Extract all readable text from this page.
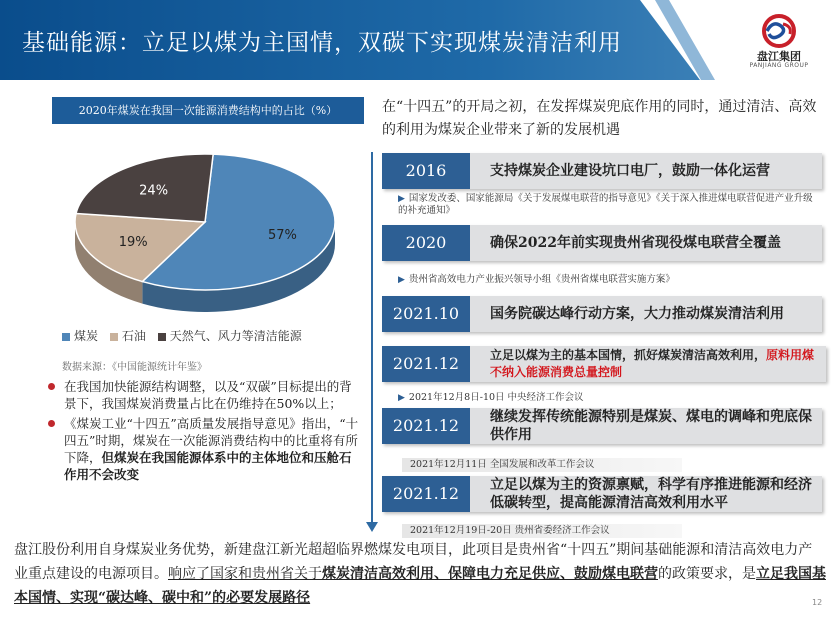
基础能源：立足以煤为主国情，双碳下实现煤炭清洁利用
盘江集团
PANJIANG GROUP
2020年煤炭在我国一次能源消费结构中的占比（%）
57%
19%
24%
煤炭 石油 天然气、风力等清洁能源
数据来源：《中国能源统计年鉴》
在我国加快能源结构调整，以及“双碳”目标提出的背景下，我国煤炭消费量占比在仍维持在50%以上；
《煤炭工业“十四五”高质量发展指导意见》指出，“十四五”时期，煤炭在一次能源消费结构中的比重将有所下降，但煤炭在我国能源体系中的主体地位和压舱石作用不会改变
在“十四五”的开局之初，在发挥煤炭兜底作用的同时，通过清洁、高效的利用为煤炭企业带来了新的发展机遇
2016	支持煤炭企业建设坑口电厂，鼓励一体化运营
▶ 国家发改委、国家能源局《关于发展煤电联营的指导意见》《关于深入推进煤电联营促进产业升级的补充通知》
2020	确保2022年前实现贵州省现役煤电联营全覆盖
▶ 贵州省高效电力产业振兴领导小组《贵州省煤电联营实施方案》
2021.10	国务院碳达峰行动方案，大力推动煤炭清洁利用
2021.12	立足以煤为主的基本国情，抓好煤炭清洁高效利用，原料用煤不纳入能源消费总量控制
▶ 2021年12月8日-10日 中央经济工作会议
2021.12	继续发挥传统能源特别是煤炭、煤电的调峰和兜底保供作用
2021年12月11日 全国发展和改革工作会议
2021.12	立足以煤为主的资源禀赋，科学有序推进能源和经济低碳转型，提高能源清洁高效利用水平
2021年12月19日-20日 贵州省委经济工作会议
盘江股份利用自身煤炭业务优势，新建盘江新光超超临界燃煤发电项目，此项目是贵州省“十四五”期间基础能源和清洁高效电力产业重点建设的电源项目。响应了国家和贵州省关于煤炭清洁高效利用、保障电力充足供应、鼓励煤电联营的政策要求，是立足我国基本国情、实现“碳达峰、碳中和”的必要发展路径	12
